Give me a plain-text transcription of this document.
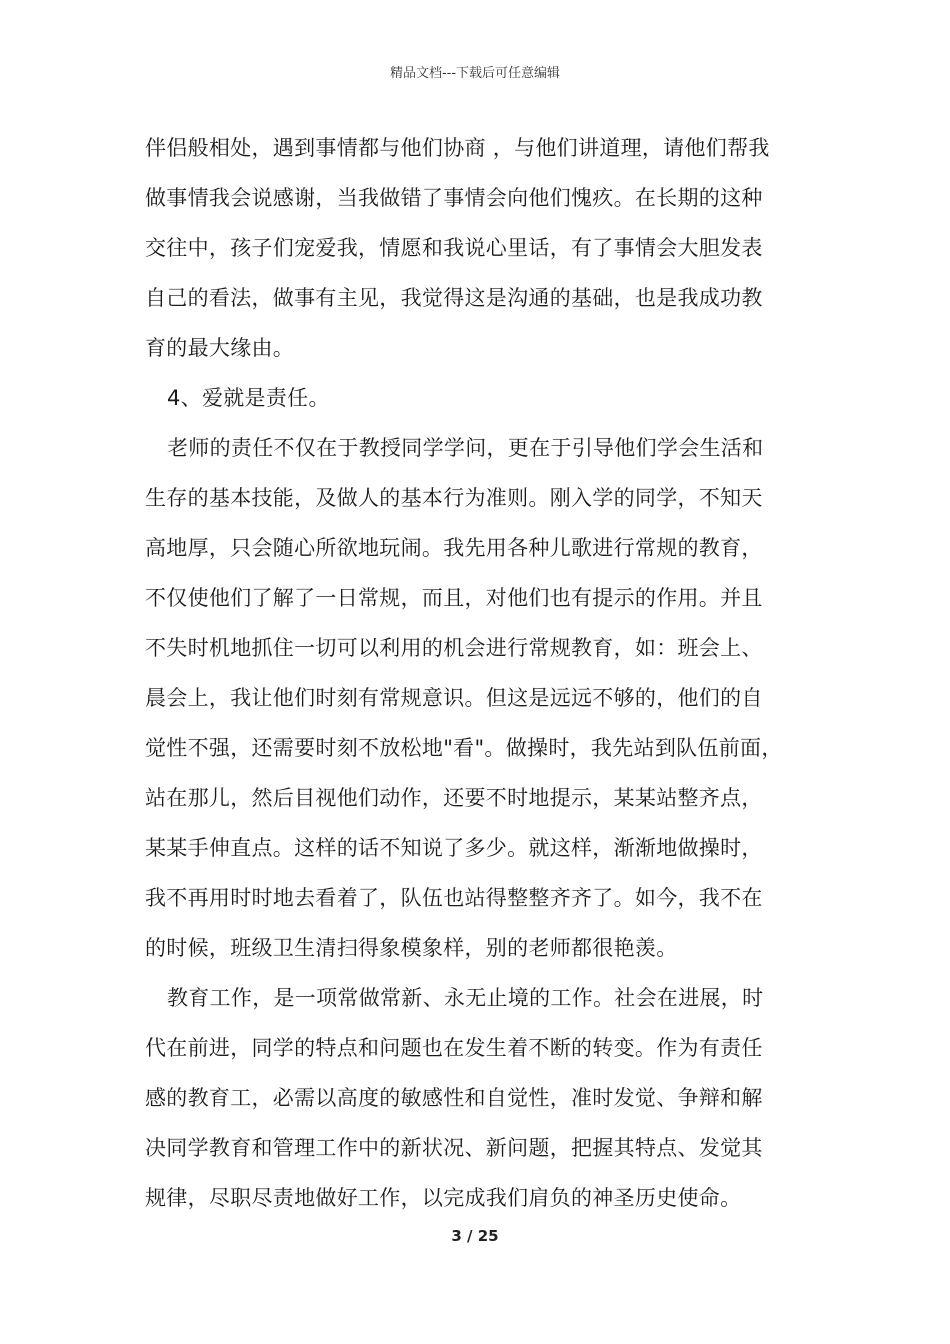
精品文档---下载后可任意编辑
伴侣般相处，遇到事情都与他们协商 ，与他们讲道理，请他们帮我
做事情我会说感谢，当我做错了事情会向他们愧疚。在长期的这种
交往中，孩子们宠爱我，情愿和我说心里话，有了事情会大胆发表
自己的看法，做事有主见，我觉得这是沟通的基础，也是我成功教
育的最大缘由。
4、爱就是责任。
老师的责任不仅在于教授同学学问，更在于引导他们学会生活和
生存的基本技能，及做人的基本行为准则。刚入学的同学，不知天
高地厚，只会随心所欲地玩闹。我先用各种儿歌进行常规的教育，
不仅使他们了解了一日常规，而且，对他们也有提示的作用。并且
不失时机地抓住一切可以利用的机会进行常规教育，如：班会上、
晨会上，我让他们时刻有常规意识。但这是远远不够的，他们的自
觉性不强，还需要时刻不放松地"看"。做操时，我先站到队伍前面，
站在那儿，然后目视他们动作，还要不时地提示，某某站整齐点，
某某手伸直点。这样的话不知说了多少。就这样，渐渐地做操时，
我不再用时时地去看着了，队伍也站得整整齐齐了。如今，我不在
的时候，班级卫生清扫得象模象样，别的老师都很艳羡。
教育工作，是一项常做常新、永无止境的工作。社会在进展，时
代在前进，同学的特点和问题也在发生着不断的转变。作为有责任
感的教育工，必需以高度的敏感性和自觉性，准时发觉、争辩和解
决同学教育和管理工作中的新状况、新问题，把握其特点、发觉其
规律，尽职尽责地做好工作，以完成我们肩负的神圣历史使命。
3 / 25
